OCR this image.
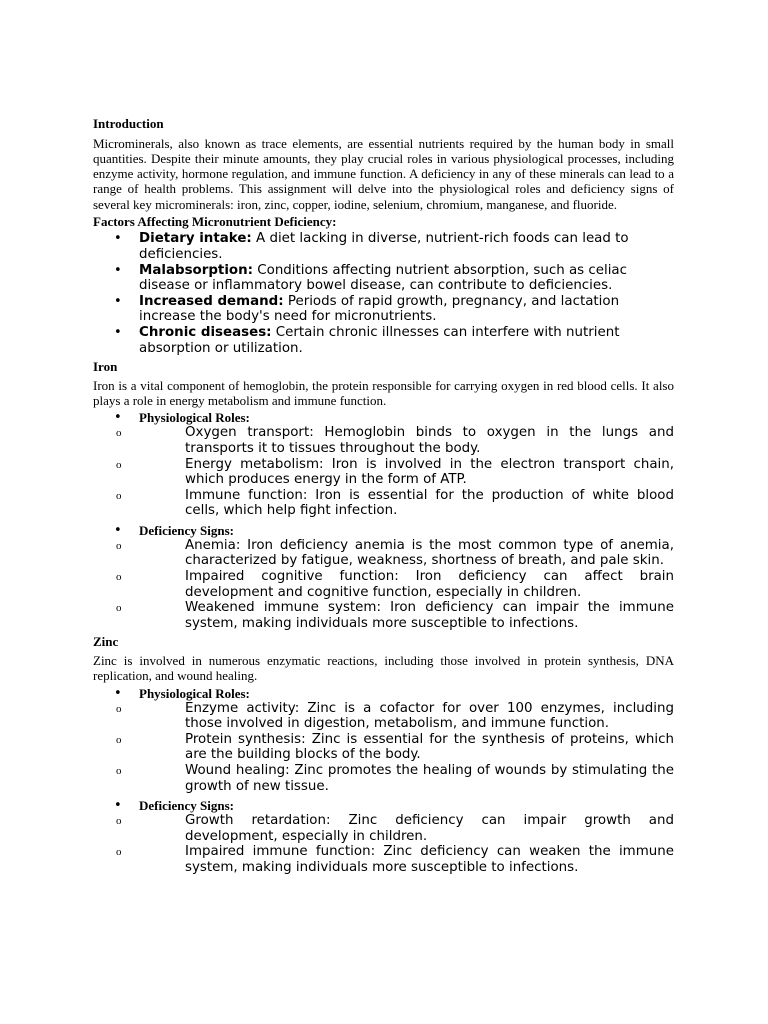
Introduction

Microminerals, also known as trace elements, are essential nutrients required by the human body in small quantities. Despite their minute amounts, they play crucial roles in various physiological processes, including enzyme activity, hormone regulation, and immune function. A deficiency in any of these minerals can lead to a range of health problems. This assignment will delve into the physiological roles and deficiency signs of several key microminerals: iron, zinc, copper, iodine, selenium, chromium, manganese, and fluoride.

Factors Affecting Micronutrient Deficiency:
• Dietary intake: A diet lacking in diverse, nutrient-rich foods can lead to deficiencies.
• Malabsorption: Conditions affecting nutrient absorption, such as celiac disease or inflammatory bowel disease, can contribute to deficiencies.
• Increased demand: Periods of rapid growth, pregnancy, and lactation increase the body's need for micronutrients.
• Chronic diseases: Certain chronic illnesses can interfere with nutrient absorption or utilization.
Iron

Iron is a vital component of hemoglobin, the protein responsible for carrying oxygen in red blood cells. It also plays a role in energy metabolism and immune function.

• Physiological Roles:
o Oxygen transport: Hemoglobin binds to oxygen in the lungs and transports it to tissues throughout the body.
o Energy metabolism: Iron is involved in the electron transport chain, which produces energy in the form of ATP.
o Immune function: Iron is essential for the production of white blood cells, which help fight infection.
• Deficiency Signs:
o Anemia: Iron deficiency anemia is the most common type of anemia, characterized by fatigue, weakness, shortness of breath, and pale skin.
o Impaired cognitive function: Iron deficiency can affect brain development and cognitive function, especially in children.
o Weakened immune system: Iron deficiency can impair the immune system, making individuals more susceptible to infections.
Zinc

Zinc is involved in numerous enzymatic reactions, including those involved in protein synthesis, DNA replication, and wound healing.

• Physiological Roles:
o Enzyme activity: Zinc is a cofactor for over 100 enzymes, including those involved in digestion, metabolism, and immune function.
o Protein synthesis: Zinc is essential for the synthesis of proteins, which are the building blocks of the body.
o Wound healing: Zinc promotes the healing of wounds by stimulating the growth of new tissue.
• Deficiency Signs:
o Growth retardation: Zinc deficiency can impair growth and development, especially in children.
o Impaired immune function: Zinc deficiency can weaken the immune system, making individuals more susceptible to infections.
